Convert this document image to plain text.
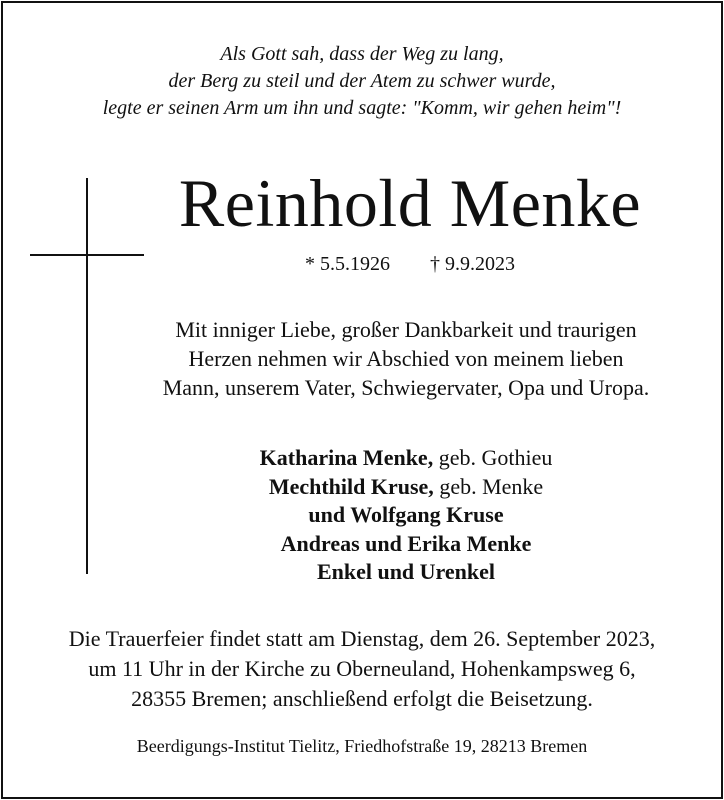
Als Gott sah, dass der Weg zu lang,
der Berg zu steil und der Atem zu schwer wurde,
legte er seinen Arm um ihn und sagte: "Komm, wir gehen heim"!
Reinhold Menke
* 5.5.1926 † 9.9.2023
Mit inniger Liebe, großer Dankbarkeit und traurigen
Herzen nehmen wir Abschied von meinem lieben
Mann, unserem Vater, Schwiegervater, Opa und Uropa.
Katharina Menke, geb. Gothieu
Mechthild Kruse, geb. Menke
und Wolfgang Kruse
Andreas und Erika Menke
Enkel und Urenkel
Die Trauerfeier findet statt am Dienstag, dem 26. September 2023,
um 11 Uhr in der Kirche zu Oberneuland, Hohenkampsweg 6,
28355 Bremen; anschließend erfolgt die Beisetzung.
Beerdigungs-Institut Tielitz, Friedhofstraße 19, 28213 Bremen
